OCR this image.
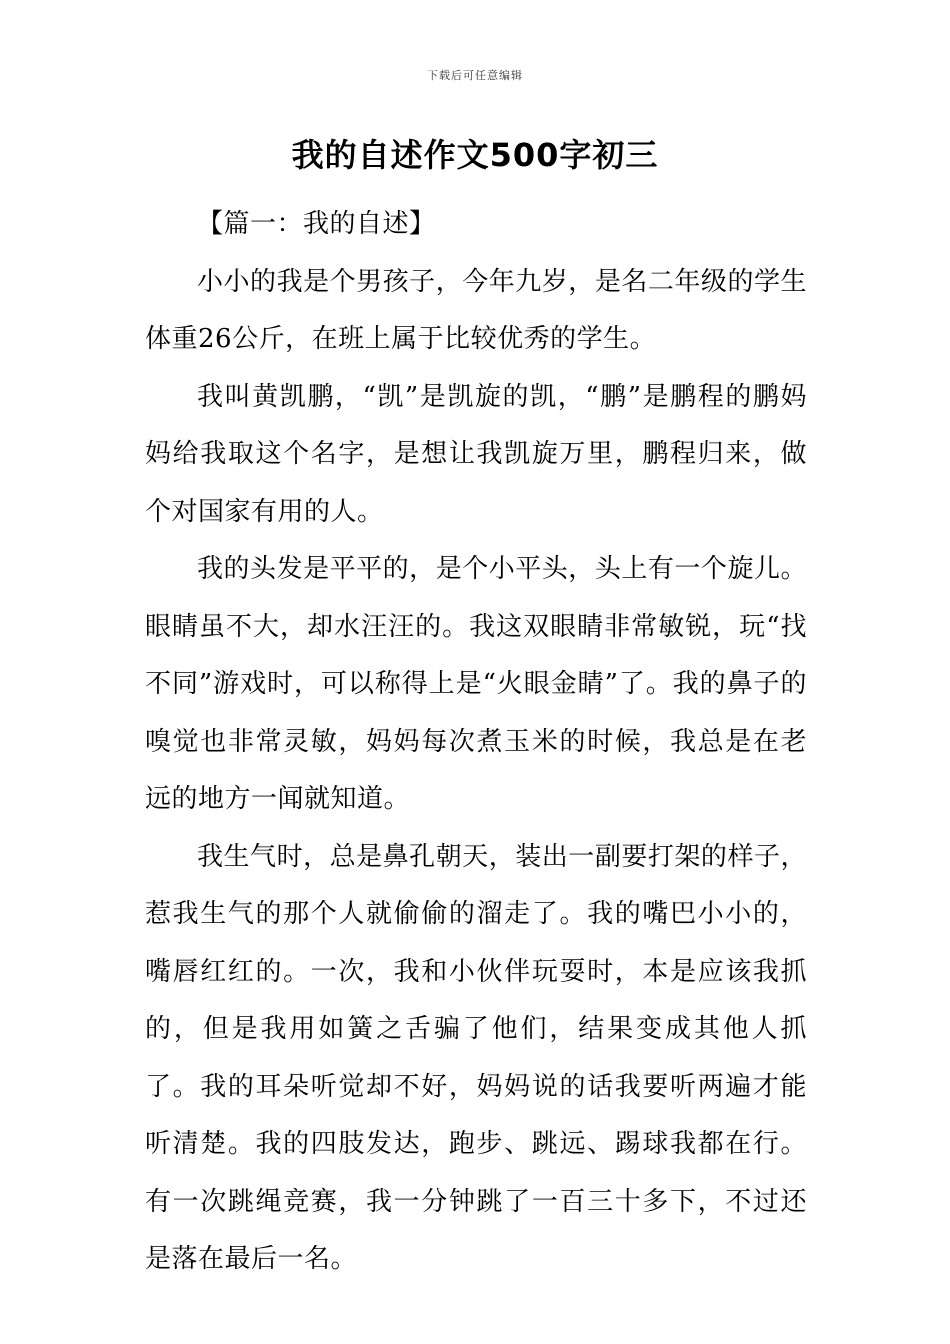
下载后可任意编辑
我的自述作文500字初三

【篇一：我的自述】

小小的我是个男孩子，今年九岁，是名二年级的学生体重26公斤，在班上属于比较优秀的学生。

我叫黄凯鹏，“凯”是凯旋的凯，“鹏”是鹏程的鹏妈妈给我取这个名字，是想让我凯旋万里，鹏程归来，做个对国家有用的人。

我的头发是平平的，是个小平头，头上有一个旋儿。眼睛虽不大，却水汪汪的。我这双眼睛非常敏锐，玩“找不同”游戏时，可以称得上是“火眼金睛”了。我的鼻子的嗅觉也非常灵敏，妈妈每次煮玉米的时候，我总是在老远的地方一闻就知道。

我生气时，总是鼻孔朝天，装出一副要打架的样子，惹我生气的那个人就偷偷的溜走了。我的嘴巴小小的，嘴唇红红的。一次，我和小伙伴玩耍时，本是应该我抓的，但是我用如簧之舌骗了他们，结果变成其他人抓了。我的耳朵听觉却不好，妈妈说的话我要听两遍才能听清楚。我的四肢发达，跑步、跳远、踢球我都在行。有一次跳绳竞赛，我一分钟跳了一百三十多下，不过还是落在最后一名。
